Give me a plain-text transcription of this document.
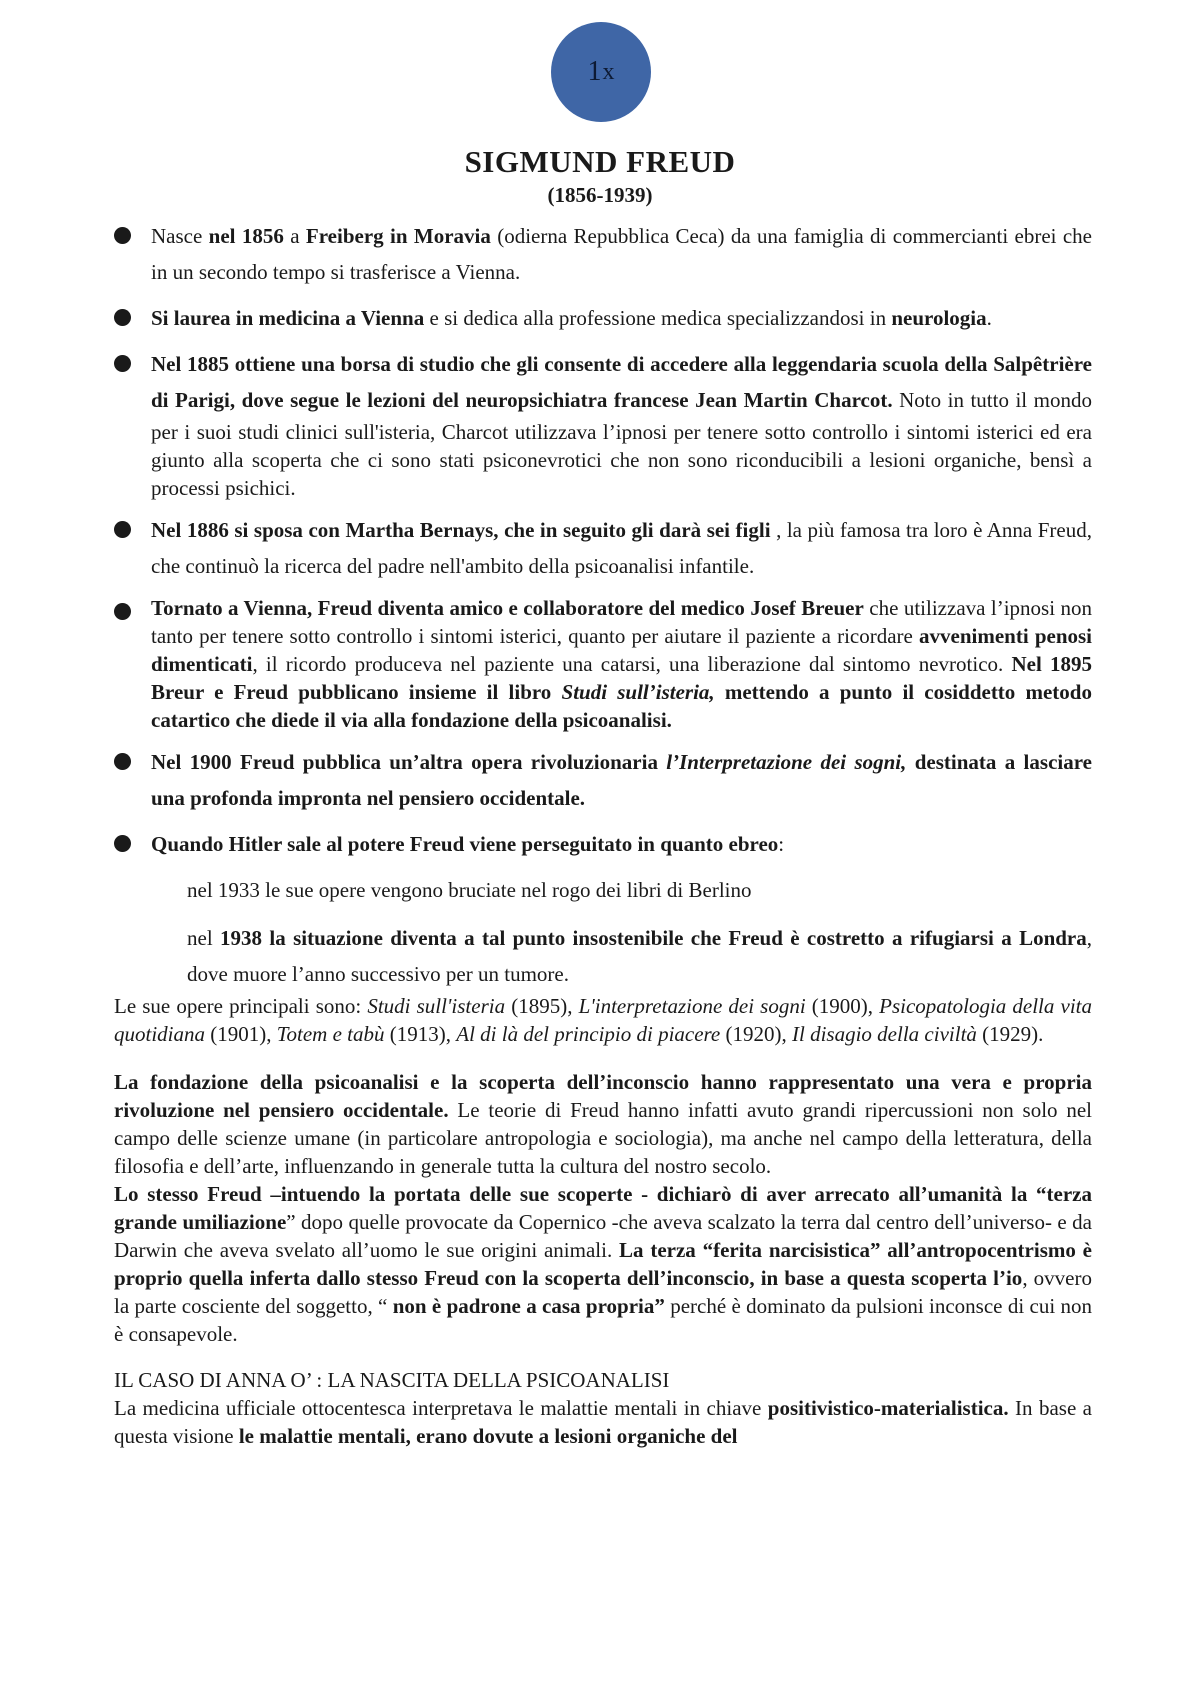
1 x
SIGMUND FREUD
(1856-1939)
Nasce nel 1856 a Freiberg in Moravia (odierna Repubblica Ceca) da una famiglia di commercianti ebrei che in un secondo tempo si trasferisce a Vienna.
Si laurea in medicina a Vienna e si dedica alla professione medica specializzandosi in neurologia.
Nel 1885 ottiene una borsa di studio che gli consente di accedere alla leggendaria scuola della Salpêtrière di Parigi, dove segue le lezioni del neuropsichiatra francese Jean Martin Charcot. Noto in tutto il mondo per i suoi studi clinici sull'isteria, Charcot utilizzava l’ipnosi per tenere sotto controllo i sintomi isterici ed era giunto alla scoperta che ci sono stati psiconevrotici che non sono riconducibili a lesioni organiche, bensì a processi psichici.
Nel 1886 si sposa con Martha Bernays, che in seguito gli darà sei figli , la più famosa tra loro è Anna Freud, che continuò la ricerca del padre nell'ambito della psicoanalisi infantile.
Tornato a Vienna, Freud diventa amico e collaboratore del medico Josef Breuer che utilizzava l’ipnosi non tanto per tenere sotto controllo i sintomi isterici, quanto per aiutare il paziente a ricordare avvenimenti penosi dimenticati, il ricordo produceva nel paziente una catarsi, una liberazione dal sintomo nevrotico. Nel 1895 Breur e Freud pubblicano insieme il libro Studi sull’isteria, mettendo a punto il cosiddetto metodo catartico che diede il via alla fondazione della psicoanalisi.
Nel 1900 Freud pubblica un’altra opera rivoluzionaria l’Interpretazione dei sogni, destinata a lasciare una profonda impronta nel pensiero occidentale.
Quando Hitler sale al potere Freud viene perseguitato in quanto ebreo:
nel 1933 le sue opere vengono bruciate nel rogo dei libri di Berlino
nel 1938 la situazione diventa a tal punto insostenibile che Freud è costretto a rifugiarsi a Londra, dove muore l’anno successivo per un tumore.

Le sue opere principali sono: Studi sull'isteria (1895), L'interpretazione dei sogni (1900), Psicopatologia della vita quotidiana (1901), Totem e tabù (1913), Al di là del principio di piacere (1920), Il disagio della civiltà (1929).

La fondazione della psicoanalisi e la scoperta dell’inconscio hanno rappresentato una vera e propria rivoluzione nel pensiero occidentale. Le teorie di Freud hanno infatti avuto grandi ripercussioni non solo nel campo delle scienze umane (in particolare antropologia e sociologia), ma anche nel campo della letteratura, della filosofia e dell’arte, influenzando in generale tutta la cultura del nostro secolo.

Lo stesso Freud –intuendo la portata delle sue scoperte - dichiarò di aver arrecato all’umanità la “terza grande umiliazione” dopo quelle provocate da Copernico -che aveva scalzato la terra dal centro dell’universo- e da Darwin che aveva svelato all’uomo le sue origini animali. La terza “ferita narcisistica” all’antropocentrismo è proprio quella inferta dallo stesso Freud con la scoperta dell’inconscio, in base a questa scoperta l’io, ovvero la parte cosciente del soggetto, “ non è padrone a casa propria” perché è dominato da pulsioni inconsce di cui non è consapevole.

IL CASO DI ANNA O’ : LA NASCITA DELLA PSICOANALISI

La medicina ufficiale ottocentesca interpretava le malattie mentali in chiave positivistico-materialistica. In base a questa visione le malattie mentali, erano dovute a lesioni organiche del
